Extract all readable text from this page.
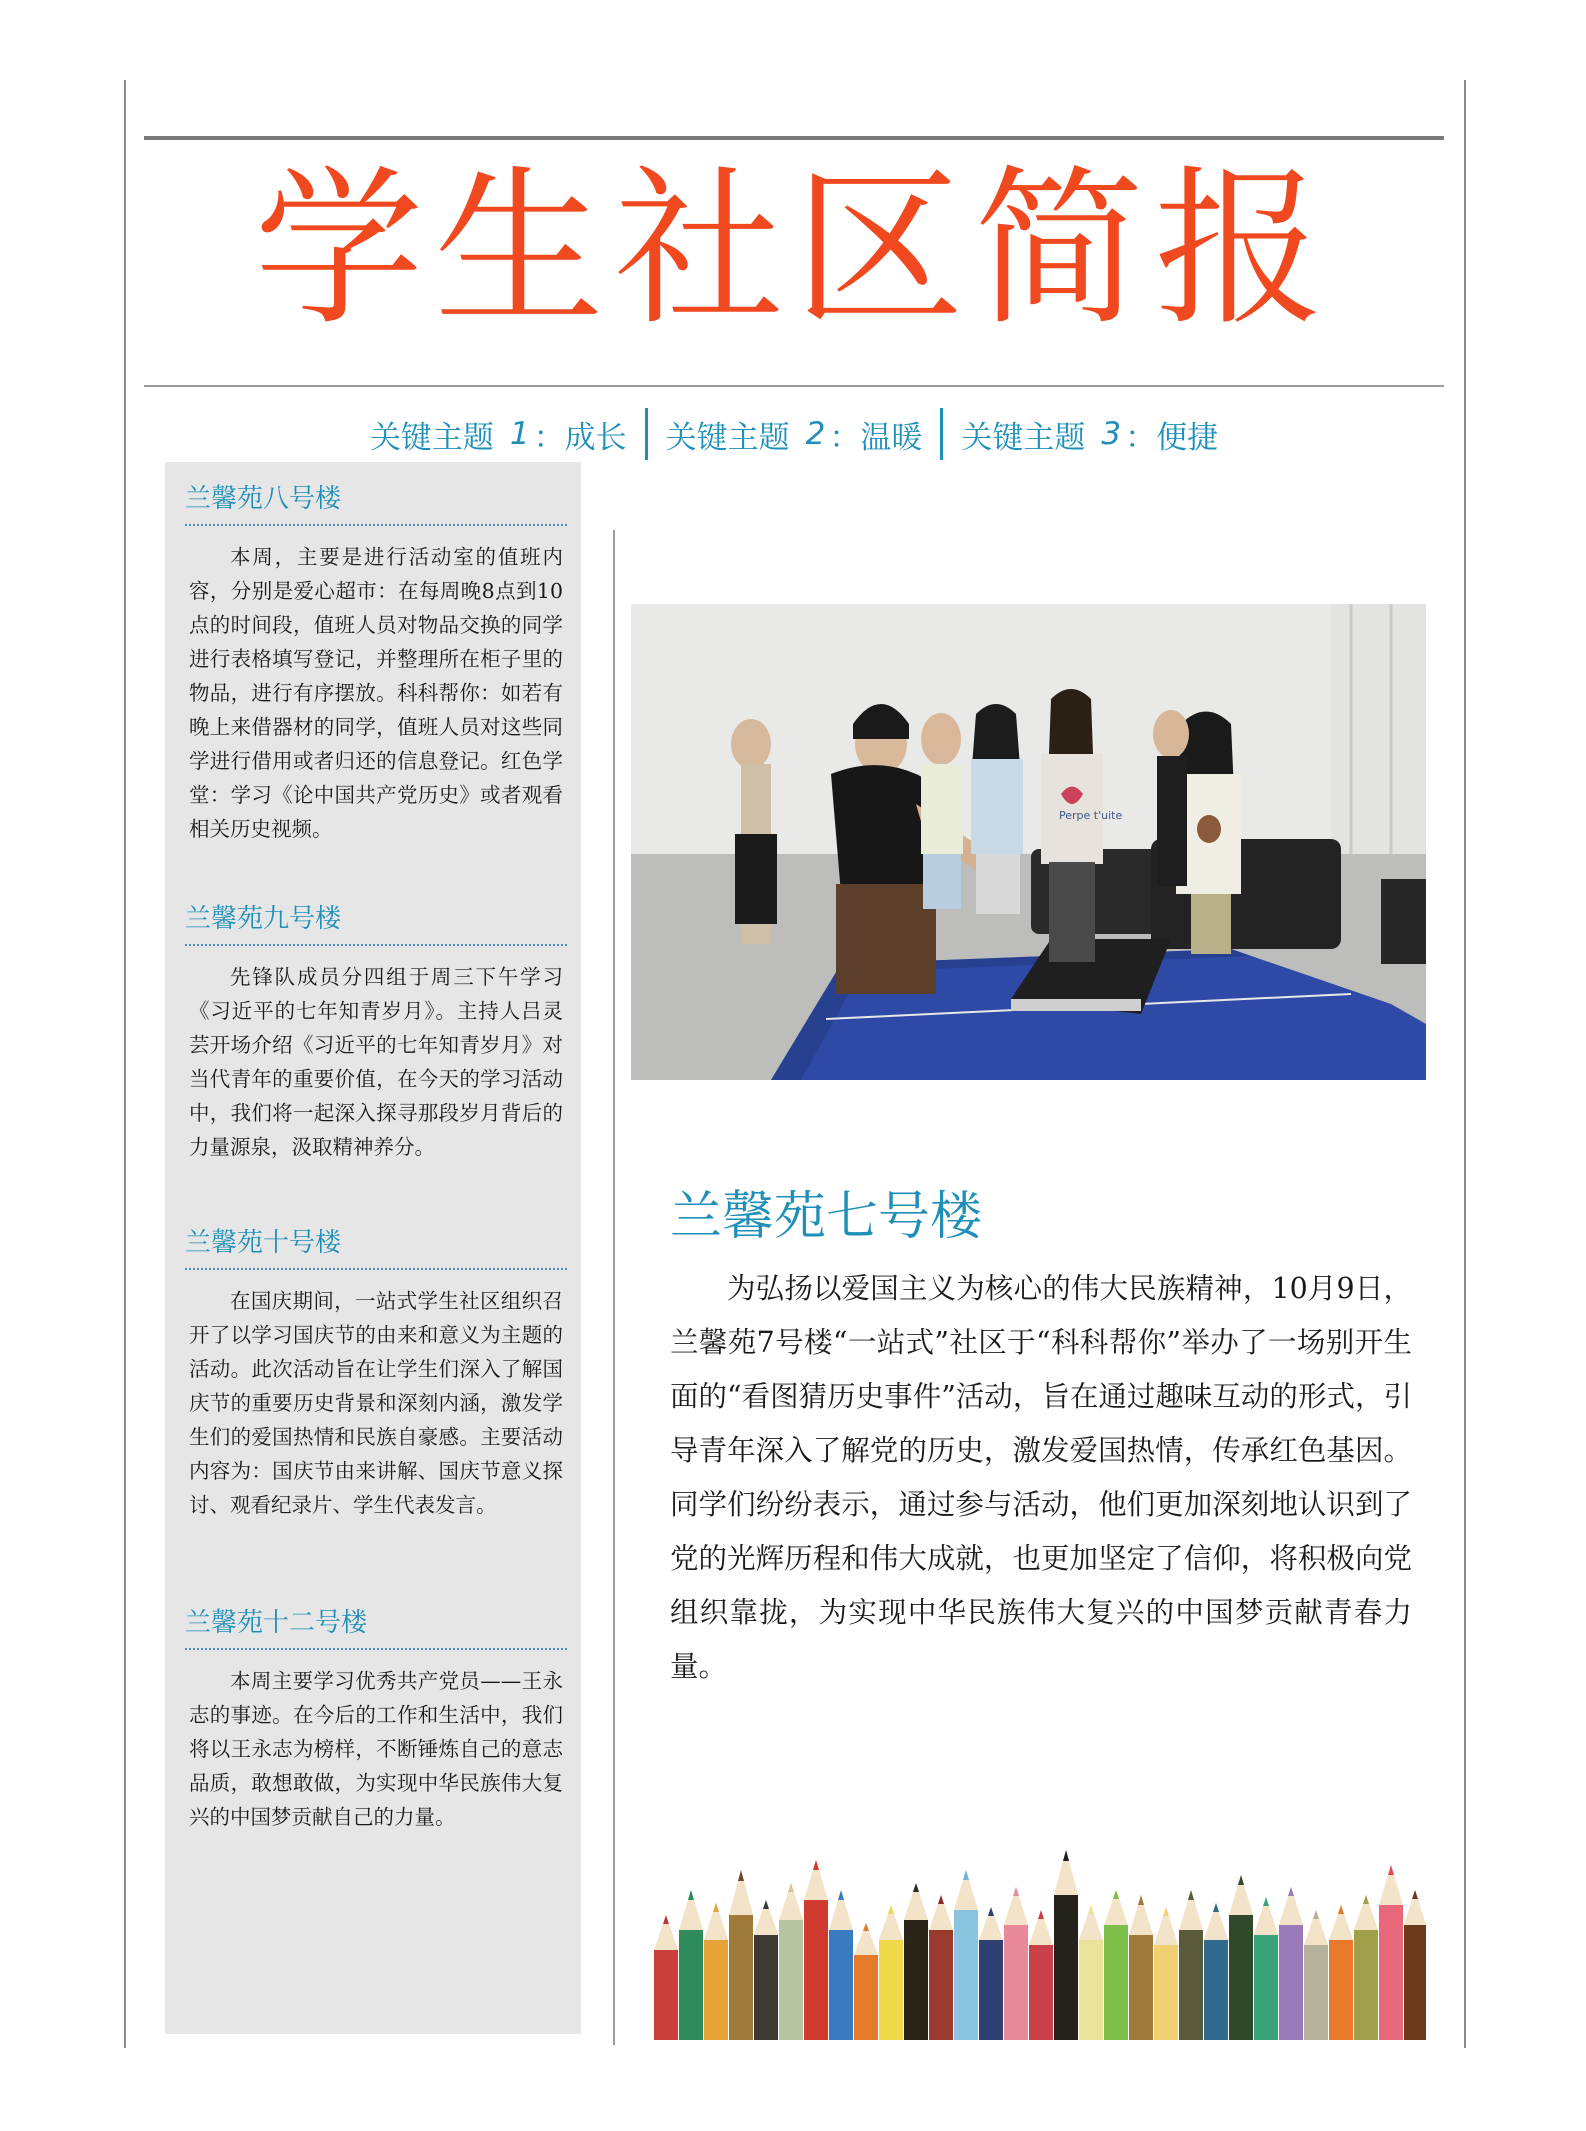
学生社区简报
关键主题 1 ：成长 关键主题 2 ：温暖 关键主题 3 ：便捷
兰馨苑八号楼

本周，主要是进行活动室的值班内容，分别是爱心超市：在每周晚8点到10点的时间段，值班人员对物品交换的同学进行表格填写登记，并整理所在柜子里的物品，进行有序摆放。科科帮你：如若有晚上来借器材的同学，值班人员对这些同学进行借用或者归还的信息登记。红色学堂：学习《论中国共产党历史》或者观看相关历史视频。

兰馨苑九号楼

先锋队成员分四组于周三下午学习《习近平的七年知青岁月》。主持人吕灵芸开场介绍《习近平的七年知青岁月》对当代青年的重要价值，在今天的学习活动中，我们将一起深入探寻那段岁月背后的力量源泉，汲取精神养分。

兰馨苑十号楼

在国庆期间，一站式学生社区组织召开了以学习国庆节的由来和意义为主题的活动。此次活动旨在让学生们深入了解国庆节的重要历史背景和深刻内涵，激发学生们的爱国热情和民族自豪感。主要活动内容为：国庆节由来讲解、国庆节意义探讨、观看纪录片、学生代表发言。

兰馨苑十二号楼

本周主要学习优秀共产党员——王永志的事迹。在今后的工作和生活中，我们将以王永志为榜样，不断锤炼自己的意志品质，敢想敢做，为实现中华民族伟大复兴的中国梦贡献自己的力量。

Perpe t'uite
兰馨苑七号楼

为弘扬以爱国主义为核心的伟大民族精神，10月9日，兰馨苑7号楼“一站式”社区于“科科帮你”举办了一场别开生面的“看图猜历史事件”活动，旨在通过趣味互动的形式，引导青年深入了解党的历史，激发爱国热情，传承红色基因。同学们纷纷表示，通过参与活动，他们更加深刻地认识到了党的光辉历程和伟大成就，也更加坚定了信仰，将积极向党组织靠拢，为实现中华民族伟大复兴的中国梦贡献青春力量。
